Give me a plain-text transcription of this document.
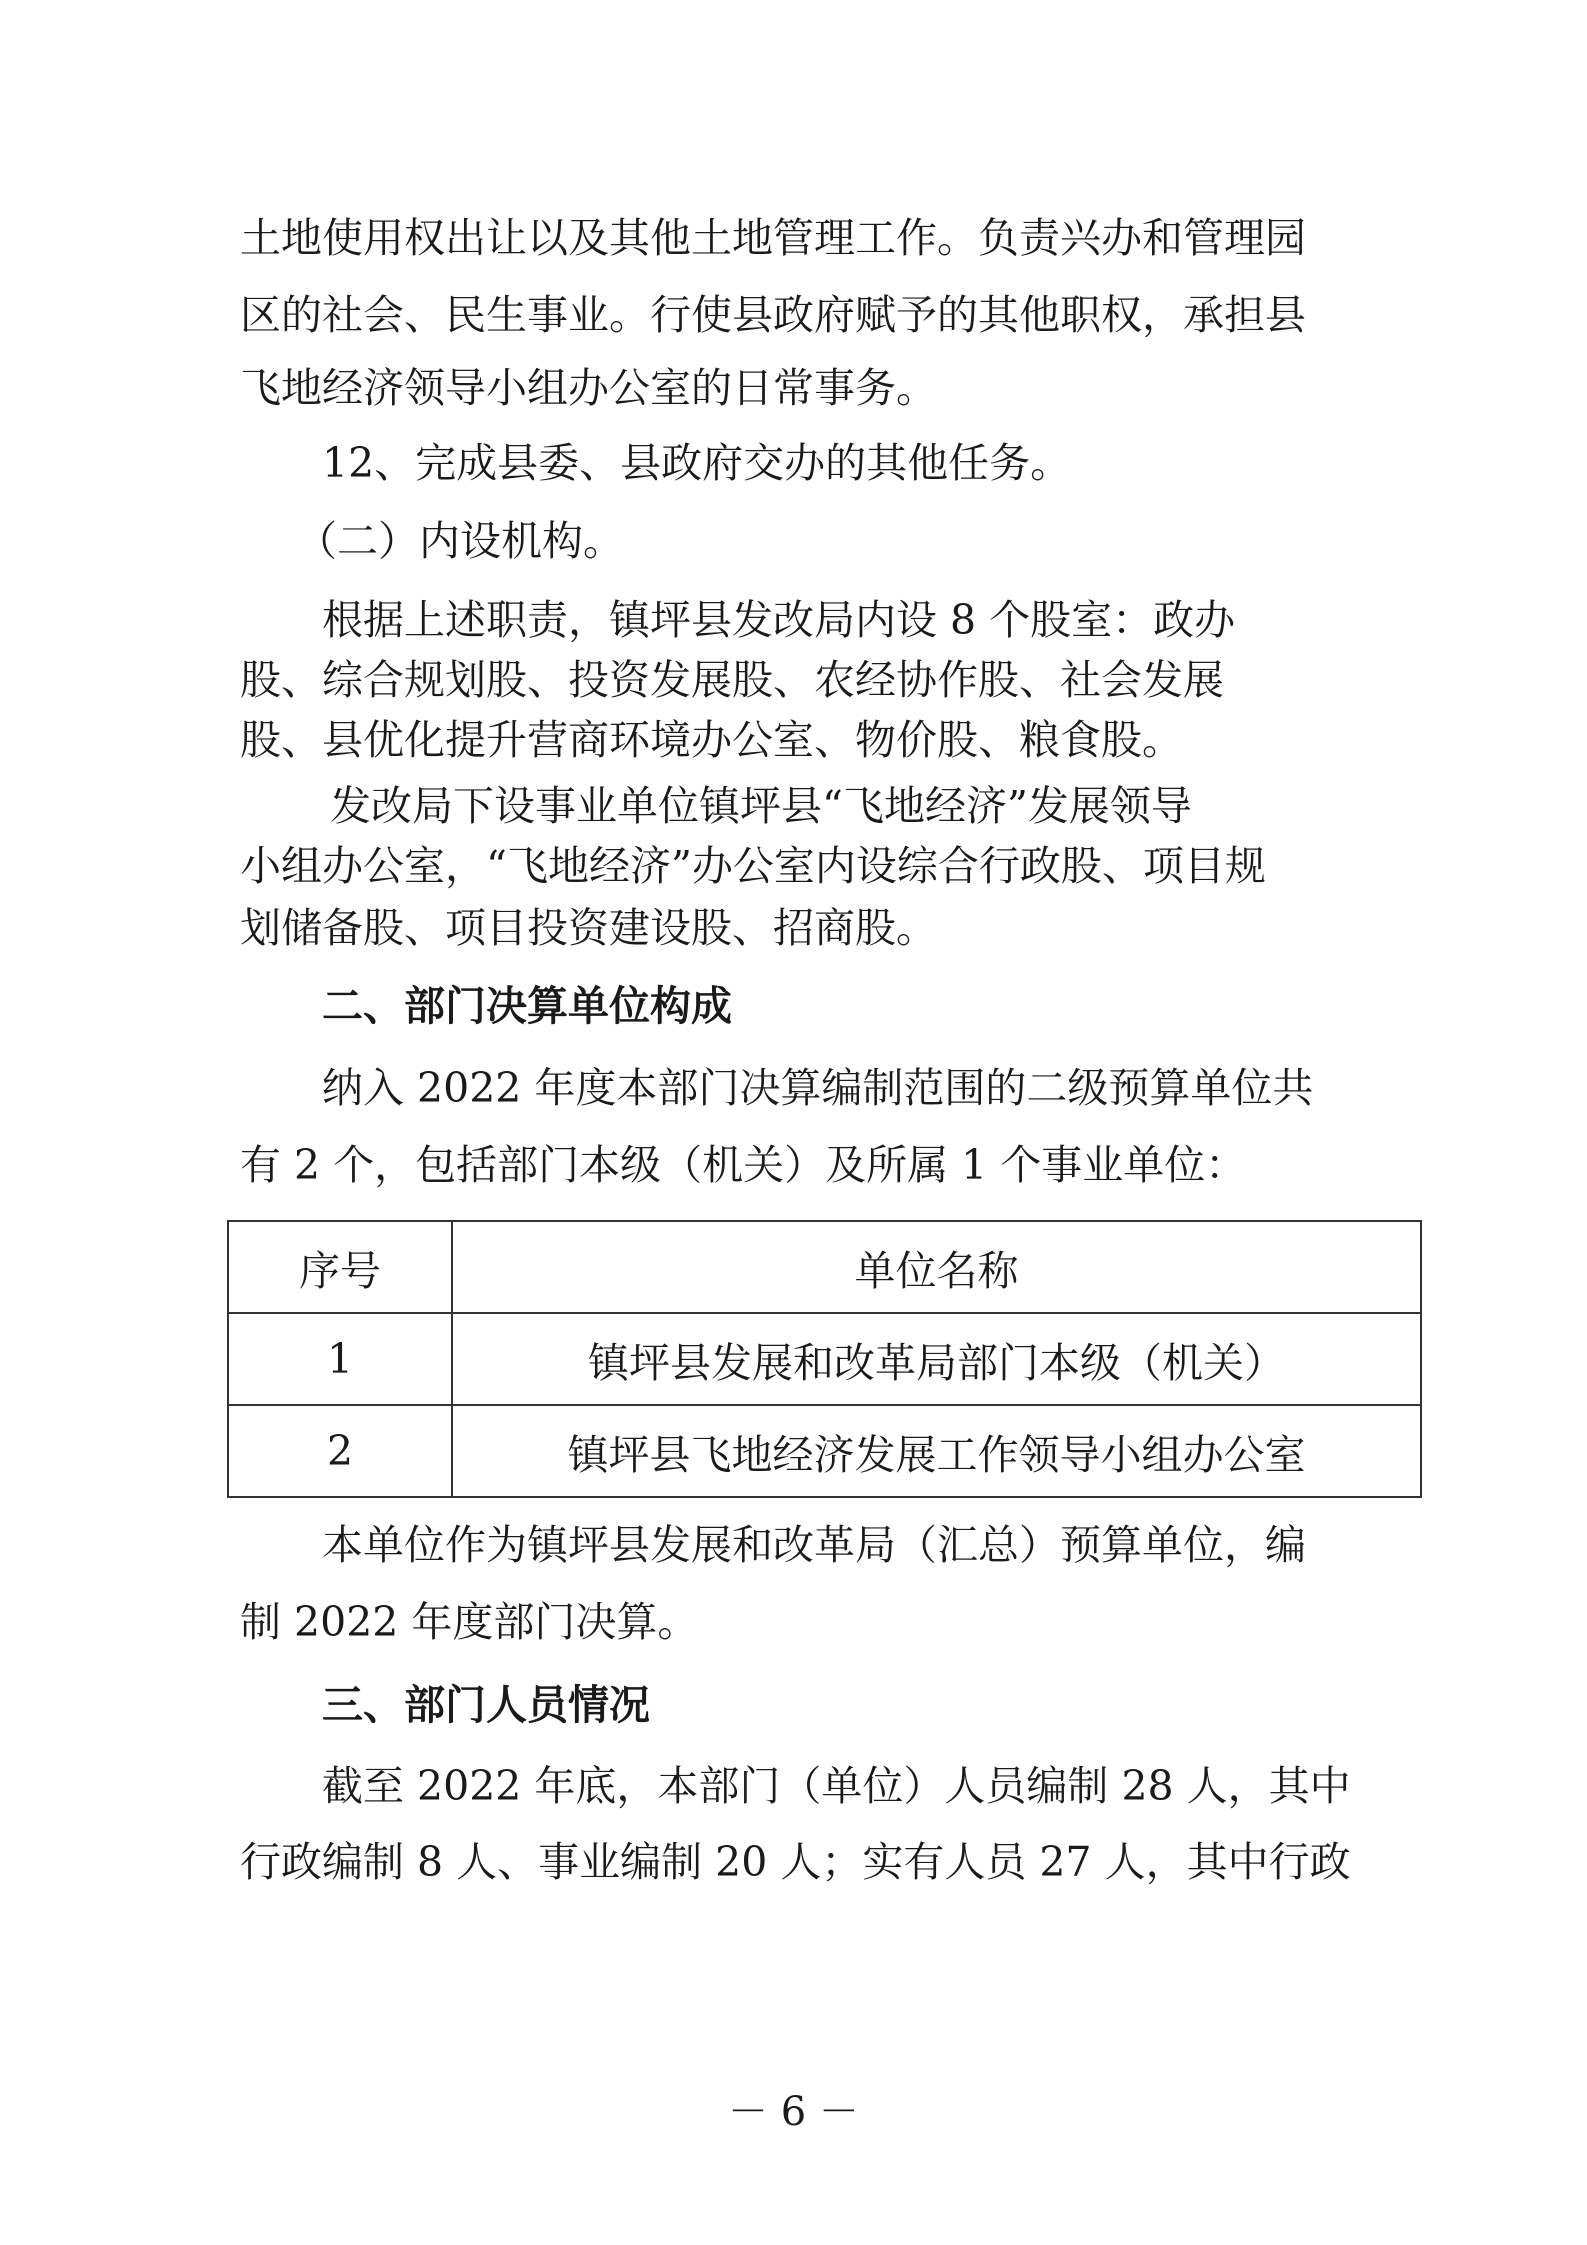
土地使用权出让以及其他土地管理工作。负责兴办和管理园

区的社会、民生事业。行使县政府赋予的其他职权，承担县

飞地经济领导小组办公室的日常事务。

12、完成县委、县政府交办的其他任务。

（二）内设机构。

根据上述职责，镇坪县发改局内设 8 个股室：政办

股、综合规划股、投资发展股、农经协作股、社会发展

股、县优化提升营商环境办公室、物价股、粮食股。

发改局下设事业单位镇坪县“飞地经济”发展领导

小组办公室，“飞地经济”办公室内设综合行政股、项目规

划储备股、项目投资建设股、招商股。

二、部门决算单位构成

纳入 2022 年度本部门决算编制范围的二级预算单位共

有 2 个，包括部门本级（机关）及所属 1 个事业单位：

序号	单位名称
1	镇坪县发展和改革局部门本级（机关）
2	镇坪县飞地经济发展工作领导小组办公室

本单位作为镇坪县发展和改革局（汇总）预算单位，编

制 2022 年度部门决算。

三、部门人员情况

截至 2022 年底，本部门（单位）人员编制 28 人，其中

行政编制 8 人、事业编制 20 人；实有人员 27 人，其中行政

－ 6 －
